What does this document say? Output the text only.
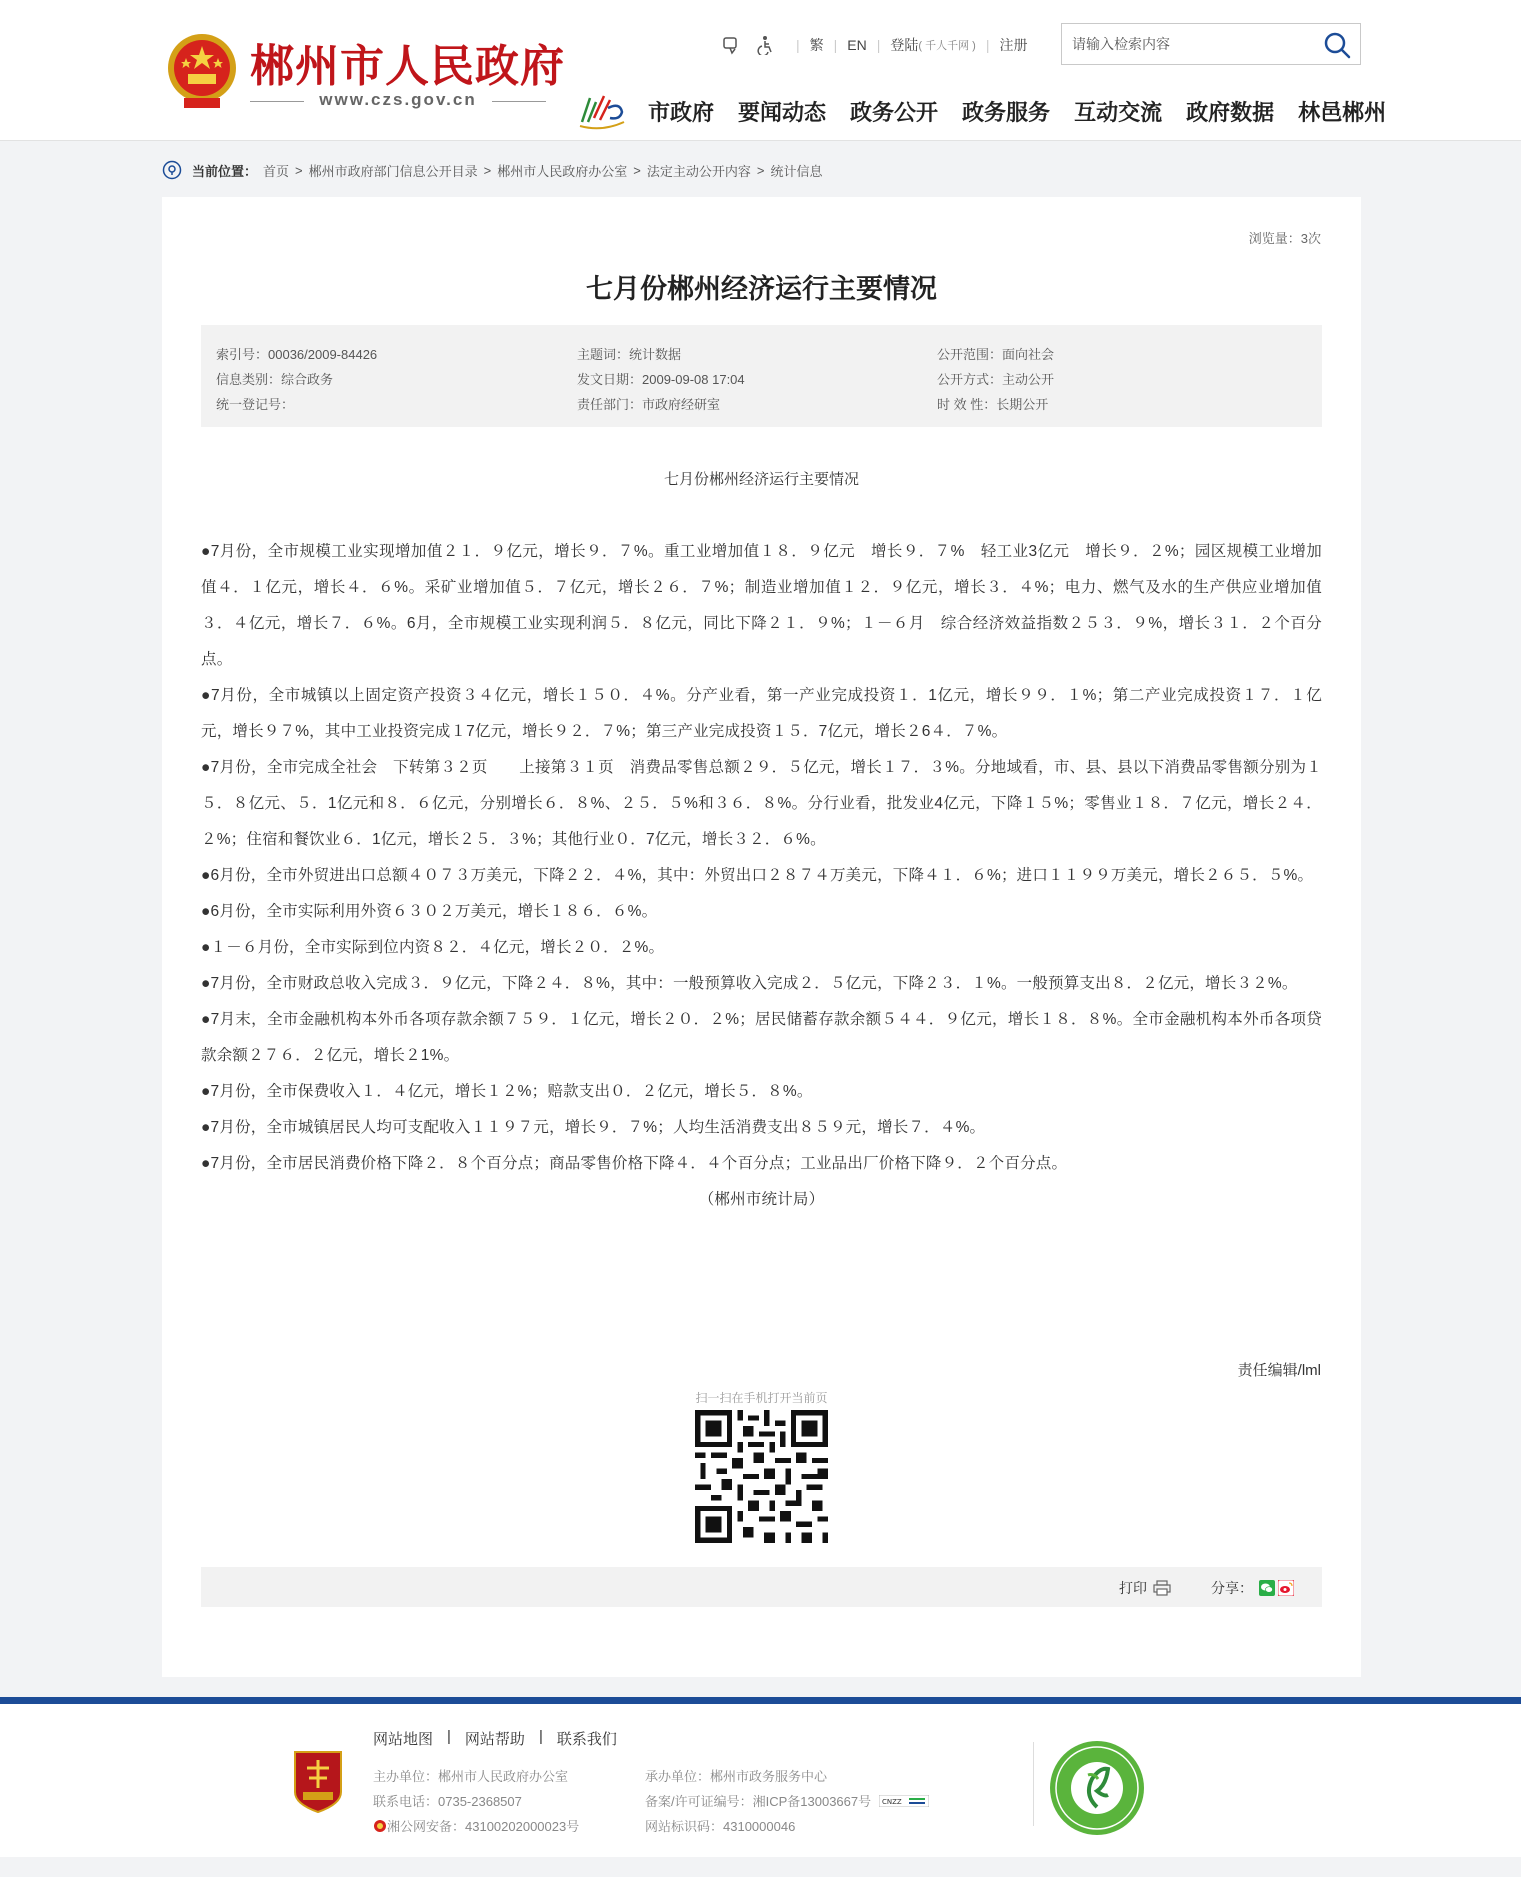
郴州市人民政府
www.czs.gov.cn
| 繁 | EN | 登陆 ( 千人千网 ) | 注册
请输入检索内容
市政府 要闻动态 政务公开 政务服务 互动交流 政府数据 林邑郴州
当前位置： 首页 > 郴州市政府部门信息公开目录 > 郴州市人民政府办公室 > 法定主动公开内容 > 统计信息
浏览量：3次
七月份郴州经济运行主要情况
索引号：00036/2009-84426
信息类别：综合政务
统一登记号：
主题词：统计数据
发文日期：2009-09-08 17:04
责任部门：市政府经研室
公开范围：面向社会
公开方式：主动公开
时 效 性：长期公开
七月份郴州经济运行主要情况

●7月份，全市规模工业实现增加值２１．９亿元，增长９．７%。重工业增加值１８．９亿元　增长９．７%　轻工业3亿元　增长９．２%；园区规模工业增加值４．１亿元，增长４．６%。采矿业增加值５．７亿元，增长２６．７%；制造业增加值１２．９亿元，增长３．４%；电力、燃气及水的生产供应业增加值３．４亿元，增长７．６%。6月，全市规模工业实现利润５．８亿元，同比下降２１．９%；１－６月　综合经济效益指数２５３．９%，增长３１．２个百分点。

●7月份，全市城镇以上固定资产投资３４亿元，增长１５０．４%。分产业看，第一产业完成投资１．1亿元，增长９９．１%；第二产业完成投资１７．１亿元，增长９７%，其中工业投资完成１7亿元，增长９２．７%；第三产业完成投资１５．7亿元，增长２6４．７%。

●7月份，全市完成全社会　下转第３２页　　上接第３１页　消费品零售总额２９．５亿元，增长１７．３%。分地域看，市、县、县以下消费品零售额分别为１５．８亿元、５．1亿元和８．６亿元，分别增长６．８%、２５．５%和３６．８%。分行业看，批发业4亿元，下降１５%；零售业１８．７亿元，增长２４．２%；住宿和餐饮业６．1亿元，增长２５．３%；其他行业０．7亿元，增长３２．６%。

●6月份，全市外贸进出口总额４０７３万美元，下降２２．４%，其中：外贸出口２８７４万美元，下降４１．６%；进口１１９９万美元，增长２６５．５%。

●6月份，全市实际利用外资６３０２万美元，增长１８６．６%。

●１－６月份，全市实际到位内资８２．４亿元，增长２０．２%。

●7月份，全市财政总收入完成３．９亿元，下降２４．８%，其中：一般预算收入完成２．５亿元，下降２３．１%。一般预算支出８．２亿元，增长３２%。

●7月末，全市金融机构本外币各项存款余额７５９．１亿元，增长２０．２%；居民储蓄存款余额５４４．９亿元，增长１８．８%。全市金融机构本外币各项贷款余额２７６．２亿元，增长２1%。

●7月份，全市保费收入１．４亿元，增长１２%；赔款支出０．２亿元，增长５．８%。

●7月份，全市城镇居民人均可支配收入１１９７元，增长９．７%；人均生活消费支出８５９元，增长７．４%。

●7月份，全市居民消费价格下降２．８个百分点；商品零售价格下降４．４个百分点；工业品出厂价格下降９．２个百分点。

（郴州市统计局）

责任编辑/lml
扫一扫在手机打开当前页
打印	分享：
网站地图 | 网站帮助 | 联系我们
主办单位：郴州市人民政府办公室
联系电话：0735-2368507
湘公网安备：43100202000023号
承办单位：郴州市政务服务中心
备案/许可证编号：湘ICP备13003667号 CNZZ
网站标识码：4310000046
